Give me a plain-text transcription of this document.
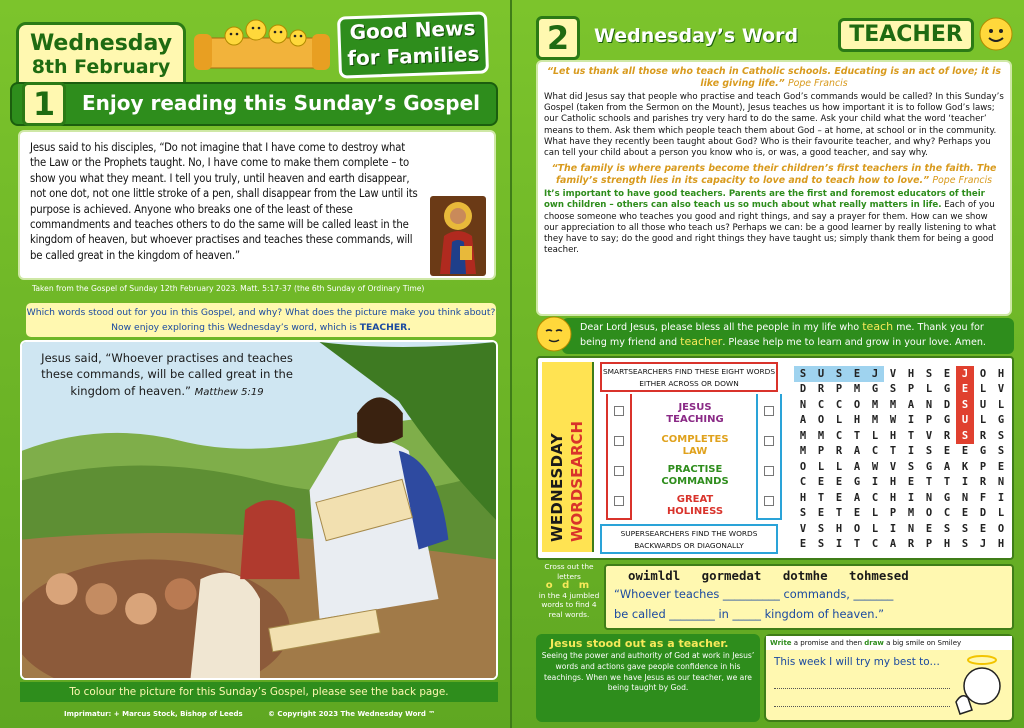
Wednesday
8th February
Good News
for Families
1	Enjoy reading this Sunday’s Gospel

Jesus said to his disciples, “Do not imagine that I have come to destroy what the Law or the Prophets taught. No, I have come to make them complete – to show you what they meant. I tell you truly, until heaven and earth disappear, not one dot, not one little stroke of a pen, shall disappear from the Law until its purpose is achieved. Anyone who breaks one of the least of these commandments and teaches others to do the same will be called least in the kingdom of heaven, but whoever practises and teaches these commands, will be called great in the kingdom of heaven.”

Taken from the Gospel of Sunday 12th February 2023. Matt. 5:17-37 (the 6th Sunday of Ordinary Time)
Which words stood out for you in this Gospel, and why? What does the picture make you think about? Now enjoy exploring this Wednesday’s word, which is TEACHER.
Jesus said, “Whoever practises and teaches these commands, will be called great in the kingdom of heaven.” Matthew 5:19
To colour the picture for this Sunday’s Gospel, please see the back page.
Imprimatur: + Marcus Stock, Bishop of Leeds	© Copyright 2023 The Wednesday Word ™
2	Wednesday’s Word	TEACHER
“Let us thank all those who teach in Catholic schools. Educating is an act of love; it is like giving life.” Pope Francis

What did Jesus say that people who practise and teach God’s commands would be called? In this Sunday’s Gospel (taken from the Sermon on the Mount), Jesus teaches us how important it is to follow God’s laws; our Catholic schools and parishes try very hard to do the same. Ask your child what the word ‘teacher’ means to them. Ask them which people teach them about God – at home, at school or in the community. What have they recently been taught about God? Who is their favourite teacher, and why? Perhaps you can tell your child about a person you know who is, or was, a good teacher, and say why.

“The family is where parents become their children’s first teachers in the faith. The family’s strength lies in its capacity to love and to teach how to love.” Pope Francis

It’s important to have good teachers. Parents are the first and foremost educators of their own children – others can also teach us so much about what really matters in life. Each of you choose someone who teaches you good and right things, and say a prayer for them. How can we show our appreciation to all those who teach us? Perhaps we can: be a good learner by really listening to what they have to say; do the good and right things they have taught us; simply thank them for being a good teacher.

Dear Lord Jesus, please bless all the people in my life who teach me. Thank you for being my friend and teacher. Please help me to learn and grow in your love. Amen.
WEDNESDAY WORDSEARCH
SMARTSEARCHERS FIND THESE EIGHT WORDS EITHER ACROSS OR DOWN
JESUS
TEACHING
COMPLETES
LAW
PRACTISE
COMMANDS
GREAT
HOLINESS
SUPERSEARCHERS FIND THE WORDS BACKWARDS OR DIAGONALLY
S	U	S	E	J	V	H	S	E	J	O	H
D	R	P	M	G	S	P	L	G	E	L	V
N	C	C	O	M	M	A	N	D	S	U	L
A	O	L	H	M	W	I	P	G	U	L	G
M	M	C	T	L	H	T	V	R	S	R	S
M	P	R	A	C	T	I	S	E	E	G	S
O	L	L	A	W	V	S	G	A	K	P	E
C	E	E	G	I	H	E	T	T	I	R	N
H	T	E	A	C	H	I	N	G	N	F	I
S	E	T	E	L	P	M	O	C	E	D	L
V	S	H	O	L	I	N	E	S	S	E	O
E	S	I	T	C	A	R	P	H	S	J	H
Cross out the letters
o d m
in the 4 jumbled words to find 4 real words.
owimldl gormedat dotmhe tohmesed
“Whoever teaches __________ commands, _______
be called ________ in _____ kingdom of heaven.”
Jesus stood out as a teacher.

Seeing the power and authority of God at work in Jesus’ words and actions gave people confidence in his teachings. When we have Jesus as our teacher, we are being taught by God.

Write a promise and then draw a big smile on Smiley
This week I will try my best to…
